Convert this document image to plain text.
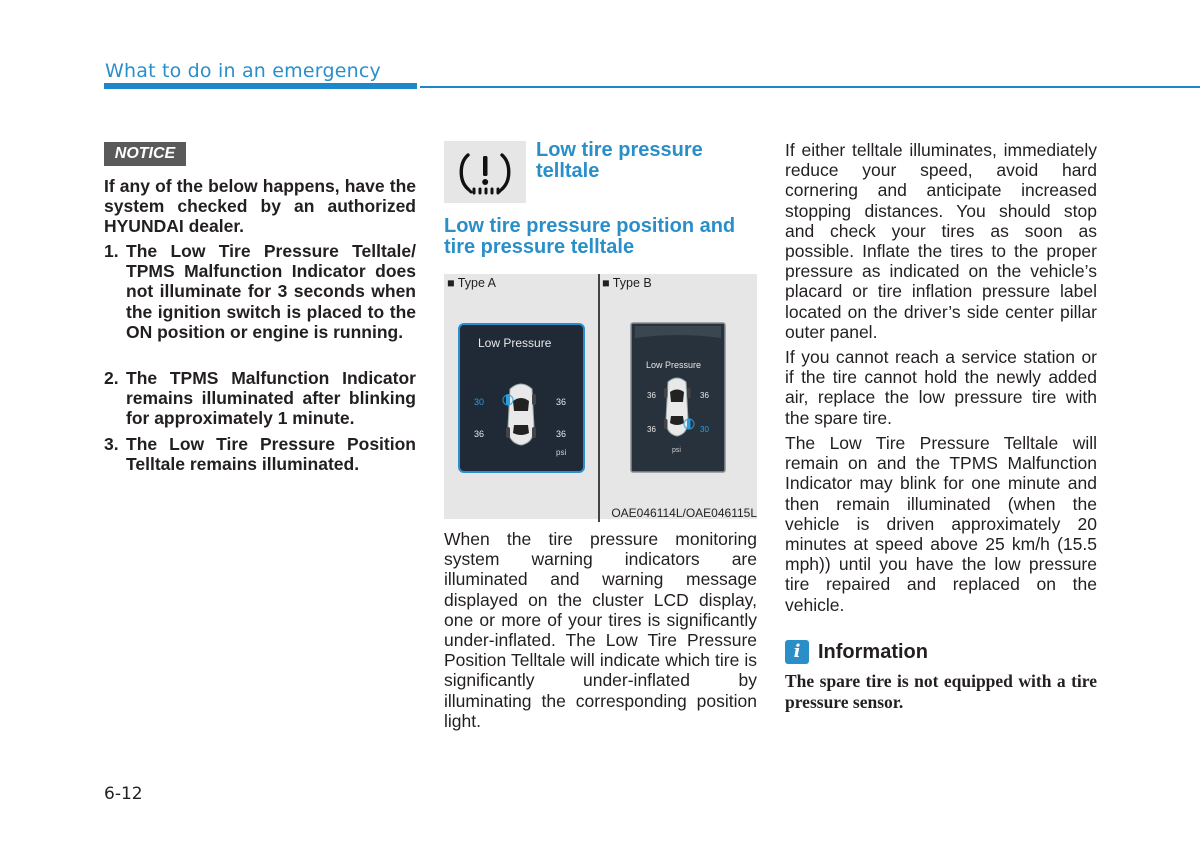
What to do in an emergency
NOTICE
If any of the below happens, have the system checked by an authorized HYUNDAI dealer.
1. The Low Tire Pressure Telltale/ TPMS Malfunction Indicator does not illuminate for 3 seconds when the ignition switch is placed to the ON position or engine is running.
2. The TPMS Malfunction Indicator remains illuminated after blinking for approximately 1 minute.
3. The Low Tire Pressure Position Telltale remains illuminated.
Low tire pressure telltale
Low tire pressure position and tire pressure telltale
■ Type A	■ Type B
Low Pressure
30	36
36	36
psi
Low Pressure
36	36
36	30
psi
OAE046114L/OAE046115L
When the tire pressure monitoring system warning indicators are illuminated and warning message displayed on the cluster LCD display, one or more of your tires is significantly under-inflated. The Low Tire Pressure Position Telltale will indicate which tire is significantly under-inflated by illuminating the corresponding position light.
If either telltale illuminates, immediately reduce your speed, avoid hard cornering and anticipate increased stopping distances. You should stop and check your tires as soon as possible. Inflate the tires to the proper pressure as indicated on the vehicle’s placard or tire inflation pressure label located on the driver’s side center pillar outer panel.
If you cannot reach a service station or if the tire cannot hold the newly added air, replace the low pressure tire with the spare tire.
The Low Tire Pressure Telltale will remain on and the TPMS Malfunction Indicator may blink for one minute and then remain illuminated (when the vehicle is driven approximately 20 minutes at speed above 25 km/h (15.5 mph)) until you have the low pressure tire repaired and replaced on the vehicle.
i Information
The spare tire is not equipped with a tire pressure sensor.
6-12
